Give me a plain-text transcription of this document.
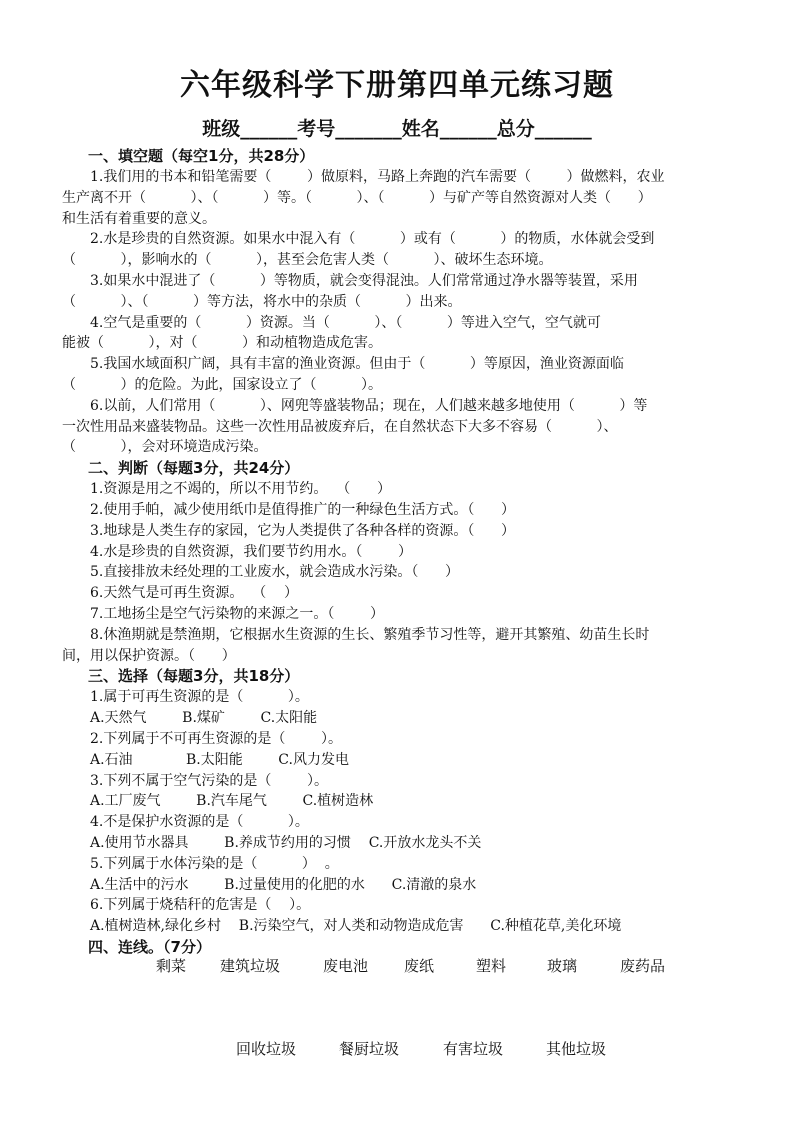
六年级科学下册第四单元练习题
班级______考号_______姓名______总分______
一、填空题（每空1分，共28分）
1.我们用的书本和铅笔需要（        ）做原料，马路上奔跑的汽车需要（        ）做燃料，农业
生产离不开（          ）、（          ）等。（          ）、（          ）与矿产等自然资源对人类（      ）
和生活有着重要的意义。
2.水是珍贵的自然资源。如果水中混入有（          ）或有（          ）的物质，水体就会受到
（          ），影响水的（          ），甚至会危害人类（          ）、破坏生态环境。
3.如果水中混进了（          ）等物质，就会变得混浊。人们常常通过净水器等装置，采用
（          ）、（          ）等方法，将水中的杂质（          ）出来。
4.空气是重要的（          ）资源。当（          ）、（          ）等进入空气，空气就可
能被（          ），对（          ）和动植物造成危害。
5.我国水域面积广阔，具有丰富的渔业资源。但由于（          ）等原因，渔业资源面临
（          ）的危险。为此，国家设立了（          ）。
6.以前，人们常用（          ）、网兜等盛装物品；现在，人们越来越多地使用（          ）等
一次性用品来盛装物品。这些一次性用品被废弃后，在自然状态下大多不容易（          ）、
（          ），会对环境造成污染。
二、判断（每题3分，共24分）
1.资源是用之不竭的，所以不用节约。  （      ）
2.使用手帕，减少使用纸巾是值得推广的一种绿色生活方式。（      ）
3.地球是人类生存的家园，它为人类提供了各种各样的资源。（      ）
4.水是珍贵的自然资源，我们要节约用水。（        ）
5.直接排放未经处理的工业废水，就会造成水污染。（      ）
6.天然气是可再生资源。  （    ）
7.工地扬尘是空气污染物的来源之一。（        ）
8.休渔期就是禁渔期，它根据水生资源的生长、繁殖季节习性等，避开其繁殖、幼苗生长时
间，用以保护资源。（      ）
三、选择（每题3分，共18分）
1.属于可再生资源的是（          ）。
A.天然气        B.煤矿        C.太阳能
2.下列属于不可再生资源的是（        ）。
A.石油            B.太阳能        C.风力发电
3.下列不属于空气污染的是（        ）。
A.工厂废气        B.汽车尾气        C.植树造林
4.不是保护水资源的是（          ）。
A.使用节水器具        B.养成节约用的习惯    C.开放水龙头不关
5.下列属于水体污染的是（          ）  。
A.生活中的污水        B.过量使用的化肥的水      C.清澈的泉水
6.下列属于烧秸秆的危害是（    ）。
A.植树造林,绿化乡村    B.污染空气，对人类和动物造成危害      C.种植花草,美化环境
四、连线。（7分）
剩菜 建筑垃圾	废电池 废纸	塑料	玻璃	废药品
回收垃圾	餐厨垃圾	有害垃圾	其他垃圾
